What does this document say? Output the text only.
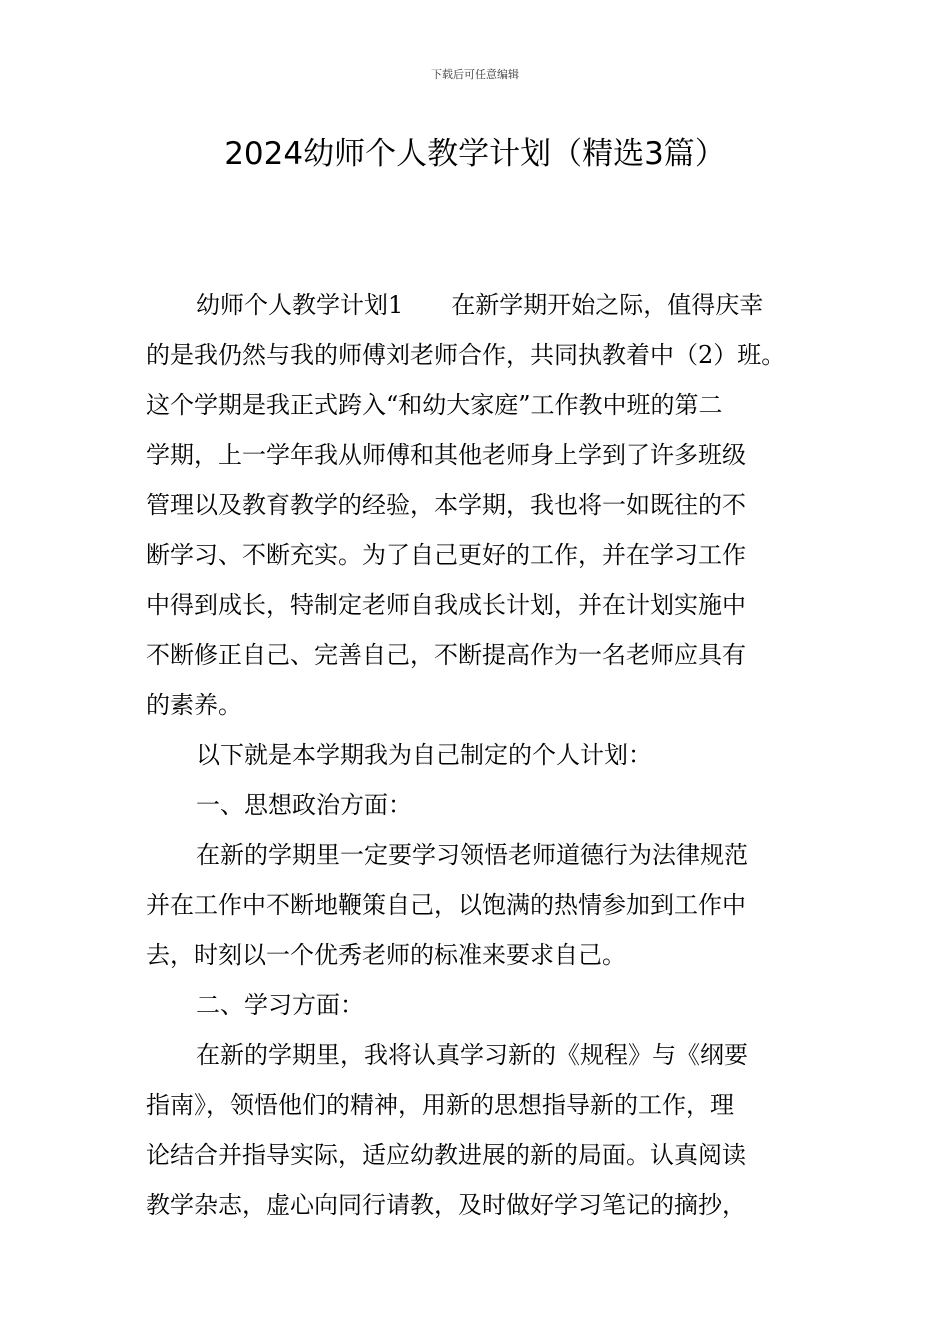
下载后可任意编辑
2024幼师个人教学计划（精选3篇）
幼师个人教学计划1 在新学期开始之际，值得庆幸
的是我仍然与我的师傅刘老师合作，共同执教着中（2）班。
这个学期是我正式跨入“和幼大家庭”工作教中班的第二
学期，上一学年我从师傅和其他老师身上学到了许多班级
管理以及教育教学的经验，本学期，我也将一如既往的不
断学习、不断充实。为了自己更好的工作，并在学习工作
中得到成长，特制定老师自我成长计划，并在计划实施中
不断修正自己、完善自己，不断提高作为一名老师应具有
的素养。
以下就是本学期我为自己制定的个人计划：
一、思想政治方面：
在新的学期里一定要学习领悟老师道德行为法律规范
并在工作中不断地鞭策自己，以饱满的热情参加到工作中
去，时刻以一个优秀老师的标准来要求自己。
二、学习方面：
在新的学期里，我将认真学习新的《规程》与《纲要
指南》，领悟他们的精神，用新的思想指导新的工作，理
论结合并指导实际，适应幼教进展的新的局面。认真阅读
教学杂志，虚心向同行请教，及时做好学习笔记的摘抄，
